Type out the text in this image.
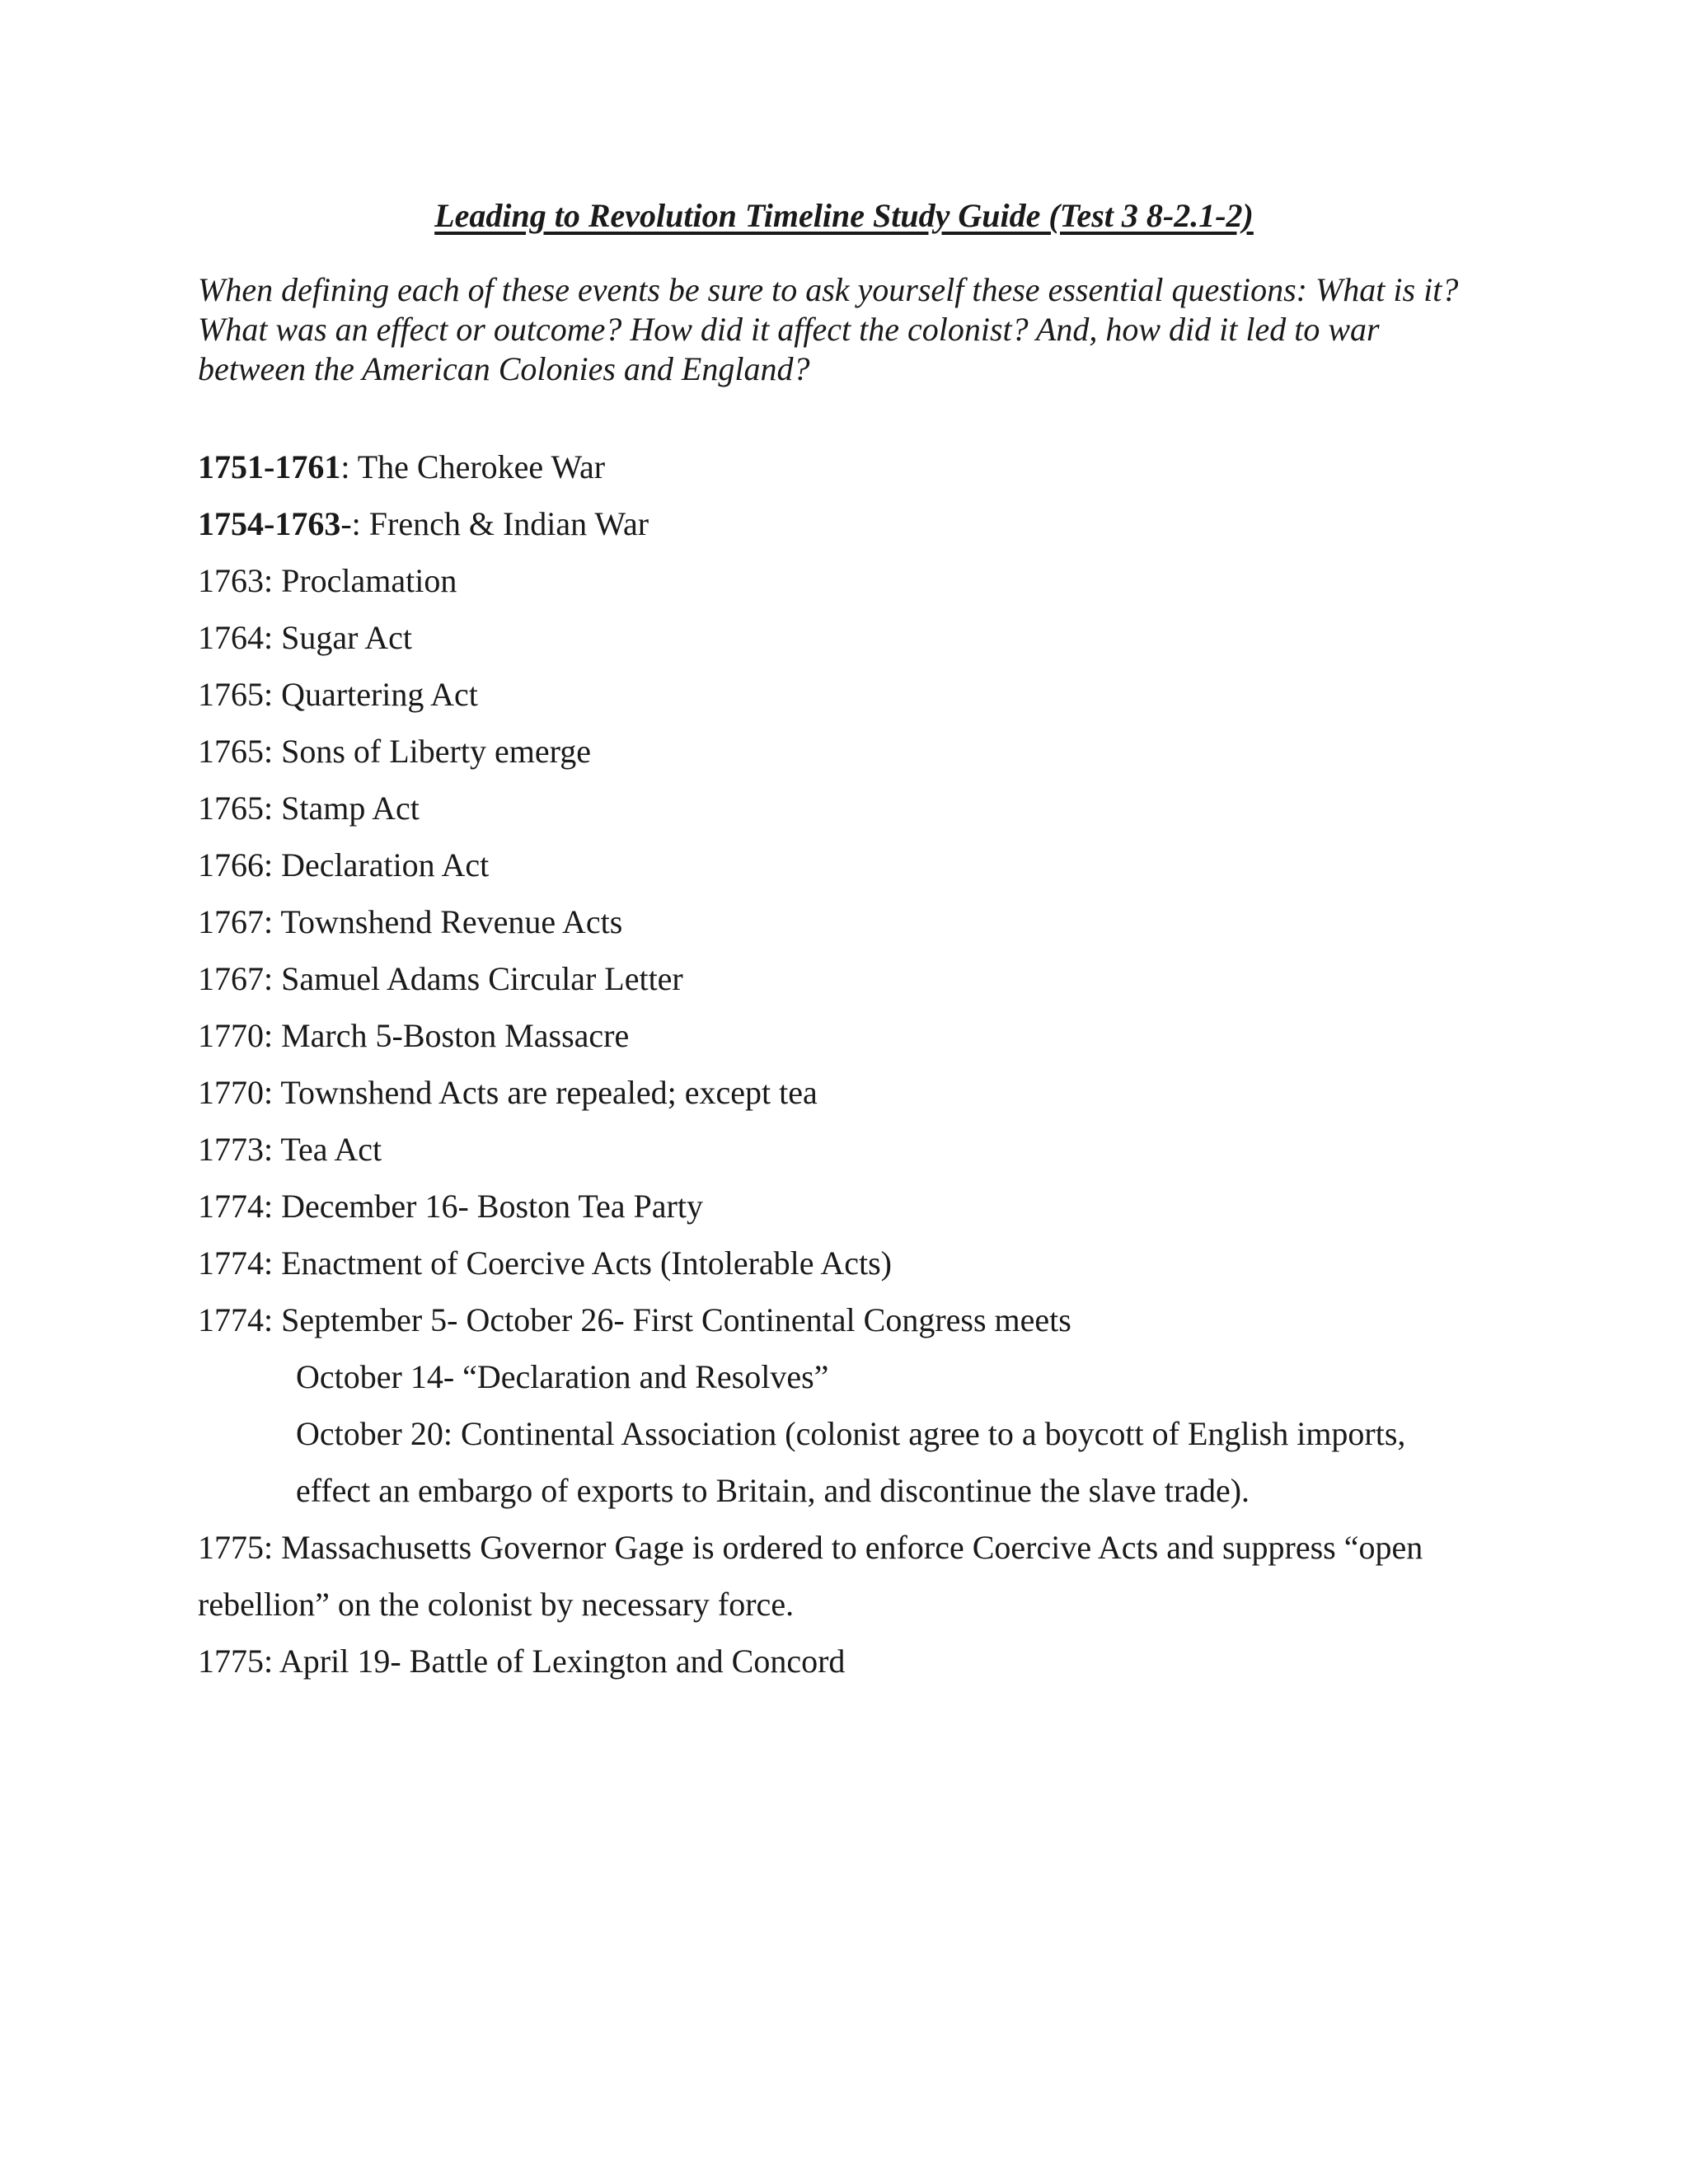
Leading to Revolution Timeline Study Guide (Test 3 8-2.1-2)
When defining each of these events be sure to ask yourself these essential questions: What is it?
What was an effect or outcome? How did it affect the colonist? And, how did it led to war
between the American Colonies and England?
1751-1761: The Cherokee War
1754-1763-: French & Indian War
1763: Proclamation
1764: Sugar Act
1765: Quartering Act
1765: Sons of Liberty emerge
1765: Stamp Act
1766: Declaration Act
1767: Townshend Revenue Acts
1767: Samuel Adams Circular Letter
1770: March 5-Boston Massacre
1770: Townshend Acts are repealed; except tea
1773: Tea Act
1774: December 16- Boston Tea Party
1774: Enactment of Coercive Acts (Intolerable Acts)
1774: September 5- October 26- First Continental Congress meets
October 14- “Declaration and Resolves”
October 20: Continental Association (colonist agree to a boycott of English imports,
effect an embargo of exports to Britain, and discontinue the slave trade).
1775: Massachusetts Governor Gage is ordered to enforce Coercive Acts and suppress “open
rebellion” on the colonist by necessary force.
1775: April 19- Battle of Lexington and Concord
